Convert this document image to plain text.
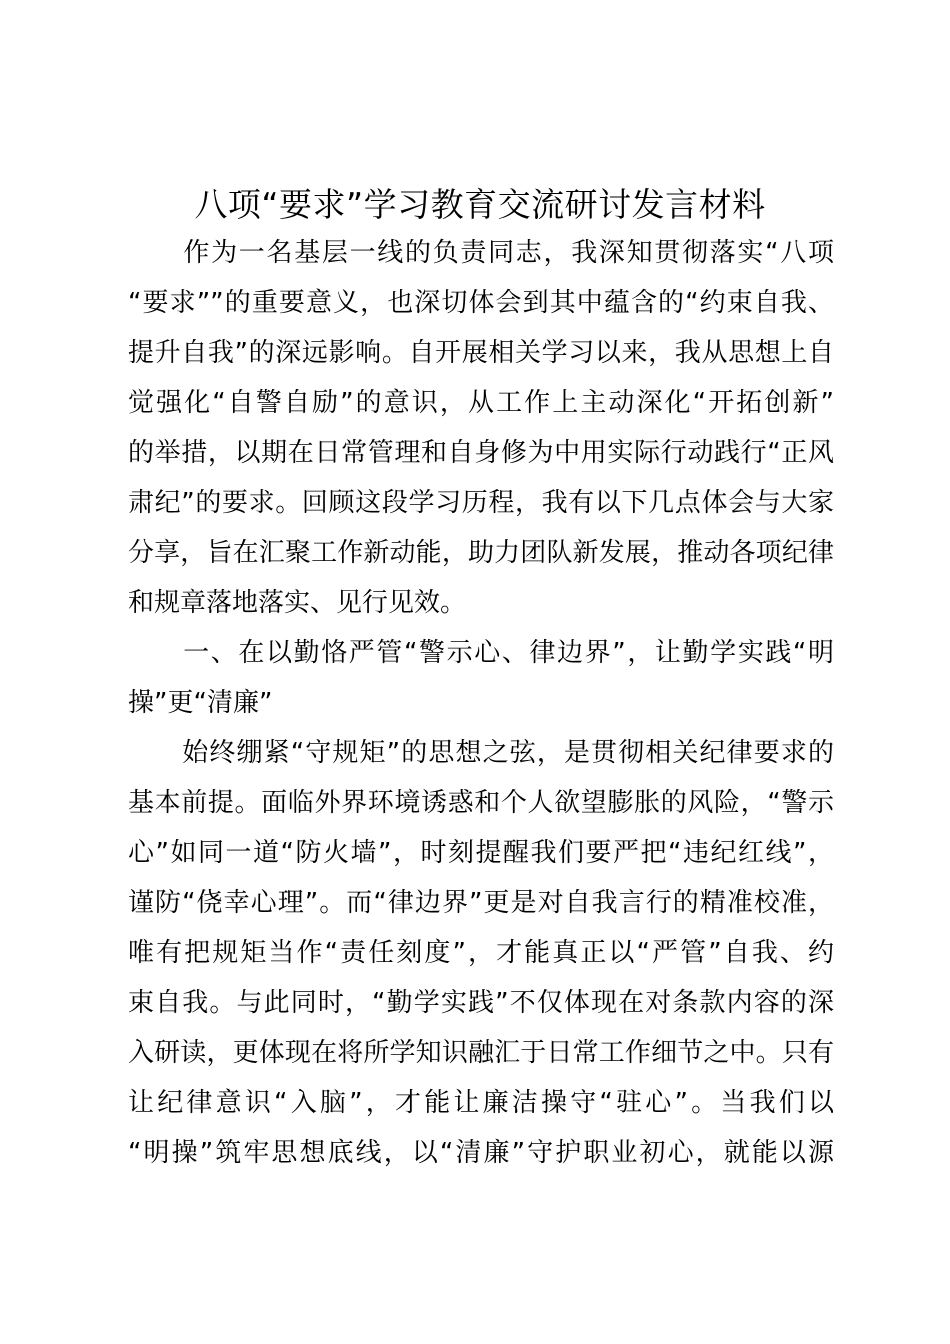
八项“要求”学习教育交流研讨发言材料
　　作为一名基层一线的负责同志，我深知贯彻落实“八项
“要求””的重要意义，也深切体会到其中蕴含的“约束自我、
提升自我”的深远影响。自开展相关学习以来，我从思想上自
觉强化“自警自励”的意识，从工作上主动深化“开拓创新”
的举措，以期在日常管理和自身修为中用实际行动践行“正风
肃纪”的要求。回顾这段学习历程，我有以下几点体会与大家
分享，旨在汇聚工作新动能，助力团队新发展，推动各项纪律
和规章落地落实、见行见效。
　　一、在以勤恪严管“警示心、律边界”，让勤学实践“明
操”更“清廉”
　　始终绷紧“守规矩”的思想之弦，是贯彻相关纪律要求的
基本前提。面临外界环境诱惑和个人欲望膨胀的风险，“警示
心”如同一道“防火墙”，时刻提醒我们要严把“违纪红线”，
谨防“侥幸心理”。而“律边界”更是对自我言行的精准校准，
唯有把规矩当作“责任刻度”，才能真正以“严管”自我、约
束自我。与此同时，“勤学实践”不仅体现在对条款内容的深
入研读，更体现在将所学知识融汇于日常工作细节之中。只有
让纪律意识“入脑”，才能让廉洁操守“驻心”。当我们以
“明操”筑牢思想底线，以“清廉”守护职业初心，就能以源
